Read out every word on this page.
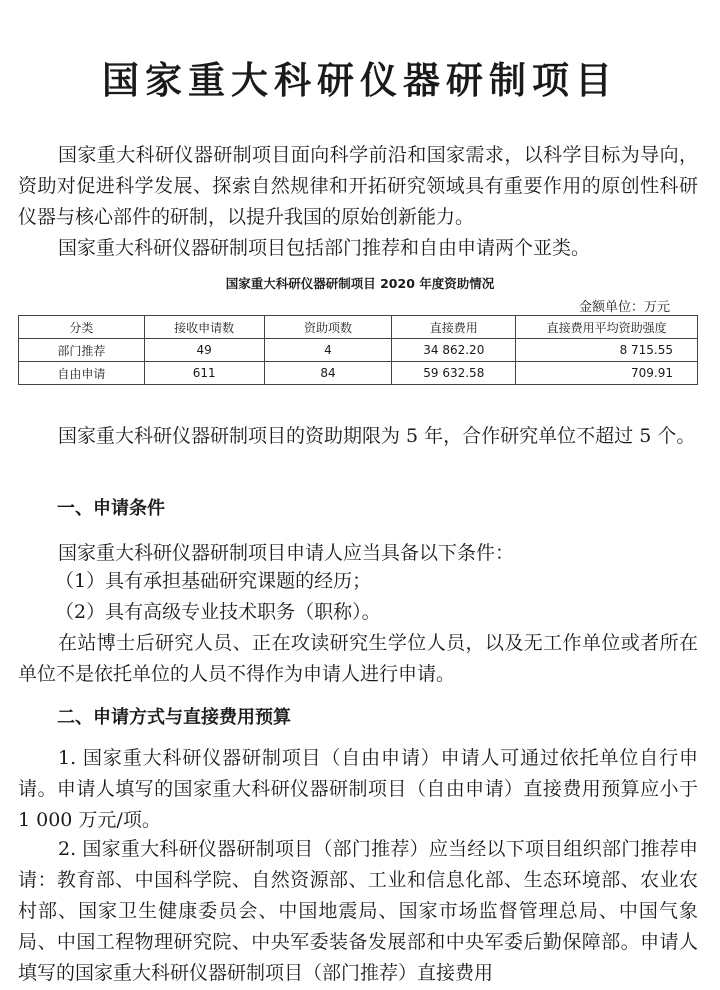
国家重大科研仪器研制项目
国家重大科研仪器研制项目面向科学前沿和国家需求，以科学目标为导向，资助对促进科学发展、探索自然规律和开拓研究领域具有重要作用的原创性科研仪器与核心部件的研制，以提升我国的原始创新能力。
国家重大科研仪器研制项目包括部门推荐和自由申请两个亚类。
国家重大科研仪器研制项目 2020 年度资助情况
金额单位：万元
分类	接收申请数	资助项数	直接费用	直接费用平均资助强度
部门推荐	49	4	34 862.20	8 715.55
自由申请	611	84	59 632.58	709.91
国家重大科研仪器研制项目的资助期限为 5 年，合作研究单位不超过 5 个。
一、申请条件
国家重大科研仪器研制项目申请人应当具备以下条件：
（1）具有承担基础研究课题的经历；
（2）具有高级专业技术职务（职称）。
在站博士后研究人员、正在攻读研究生学位人员，以及无工作单位或者所在单位不是依托单位的人员不得作为申请人进行申请。
二、申请方式与直接费用预算
1. 国家重大科研仪器研制项目（自由申请）申请人可通过依托单位自行申请。申请人填写的国家重大科研仪器研制项目（自由申请）直接费用预算应小于 1 000 万元/项。
2. 国家重大科研仪器研制项目（部门推荐）应当经以下项目组织部门推荐申请：教育部、中国科学院、自然资源部、工业和信息化部、生态环境部、农业农村部、国家卫生健康委员会、中国地震局、国家市场监督管理总局、中国气象局、中国工程物理研究院、中央军委装备发展部和中央军委后勤保障部。申请人填写的国家重大科研仪器研制项目（部门推荐）直接费用
